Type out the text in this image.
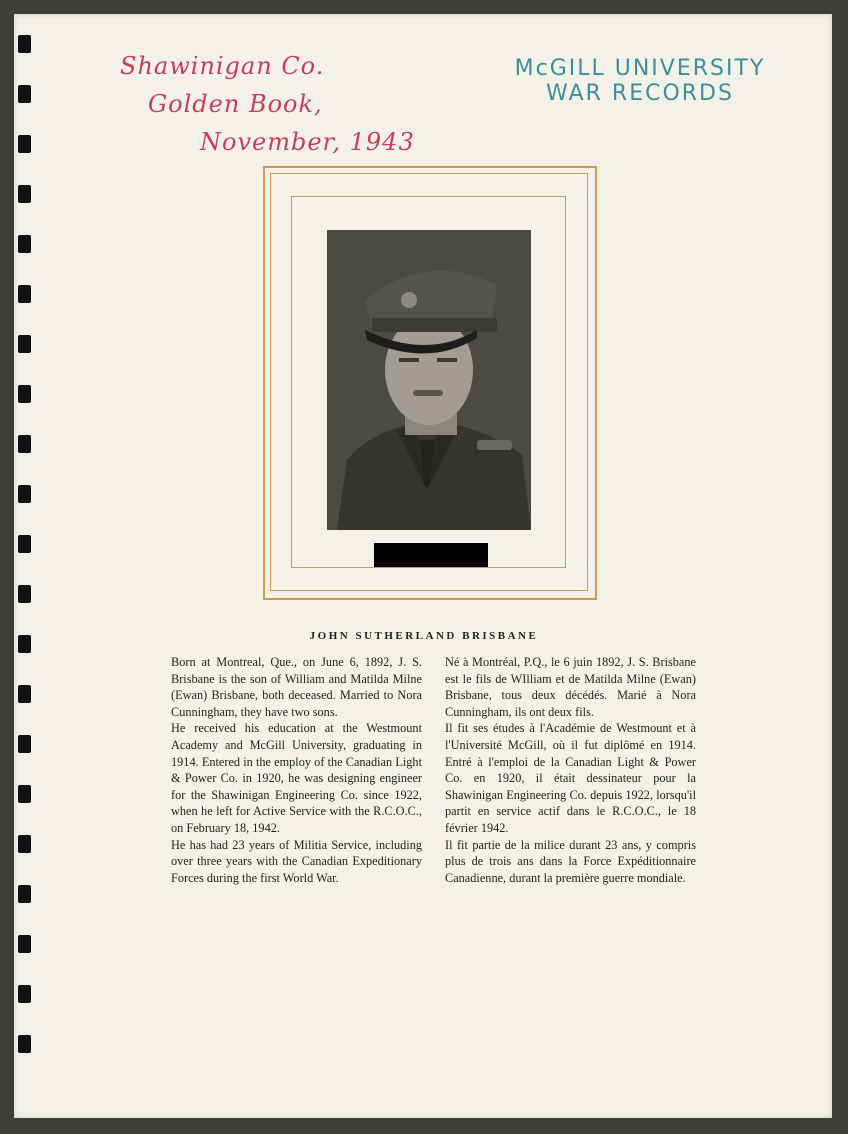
Shawinigan Co.
Golden Book,
November, 1943
McGILL UNIVERSITY
WAR RECORDS
JOHN SUTHERLAND BRISBANE

Born at Montreal, Que., on June 6, 1892, J. S. Brisbane is the son of William and Matilda Milne (Ewan) Brisbane, both deceased. Married to Nora Cunningham, they have two sons.

He received his education at the Westmount Academy and McGill University, graduating in 1914. Entered in the employ of the Canadian Light & Power Co. in 1920, he was designing engineer for the Shawinigan Engineering Co. since 1922, when he left for Active Service with the R.C.O.C., on February 18, 1942.

He has had 23 years of Militia Service, including over three years with the Canadian Expeditionary Forces during the first World War.

Né à Montréal, P.Q., le 6 juin 1892, J. S. Brisbane est le fils de WIlliam et de Matilda Milne (Ewan) Brisbane, tous deux décédés. Marié à Nora Cunningham, ils ont deux fils.

Il fit ses études à l'Académie de Westmount et à l'Université McGill, où il fut diplômé en 1914. Entré à l'emploi de la Canadian Light & Power Co. en 1920, il était dessinateur pour la Shawinigan Engineering Co. depuis 1922, lorsqu'il partit en service actif dans le R.C.O.C., le 18 février 1942.

Il fit partie de la milice durant 23 ans, y compris plus de trois ans dans la Force Expéditionnaire Canadienne, durant la première guerre mondiale.
